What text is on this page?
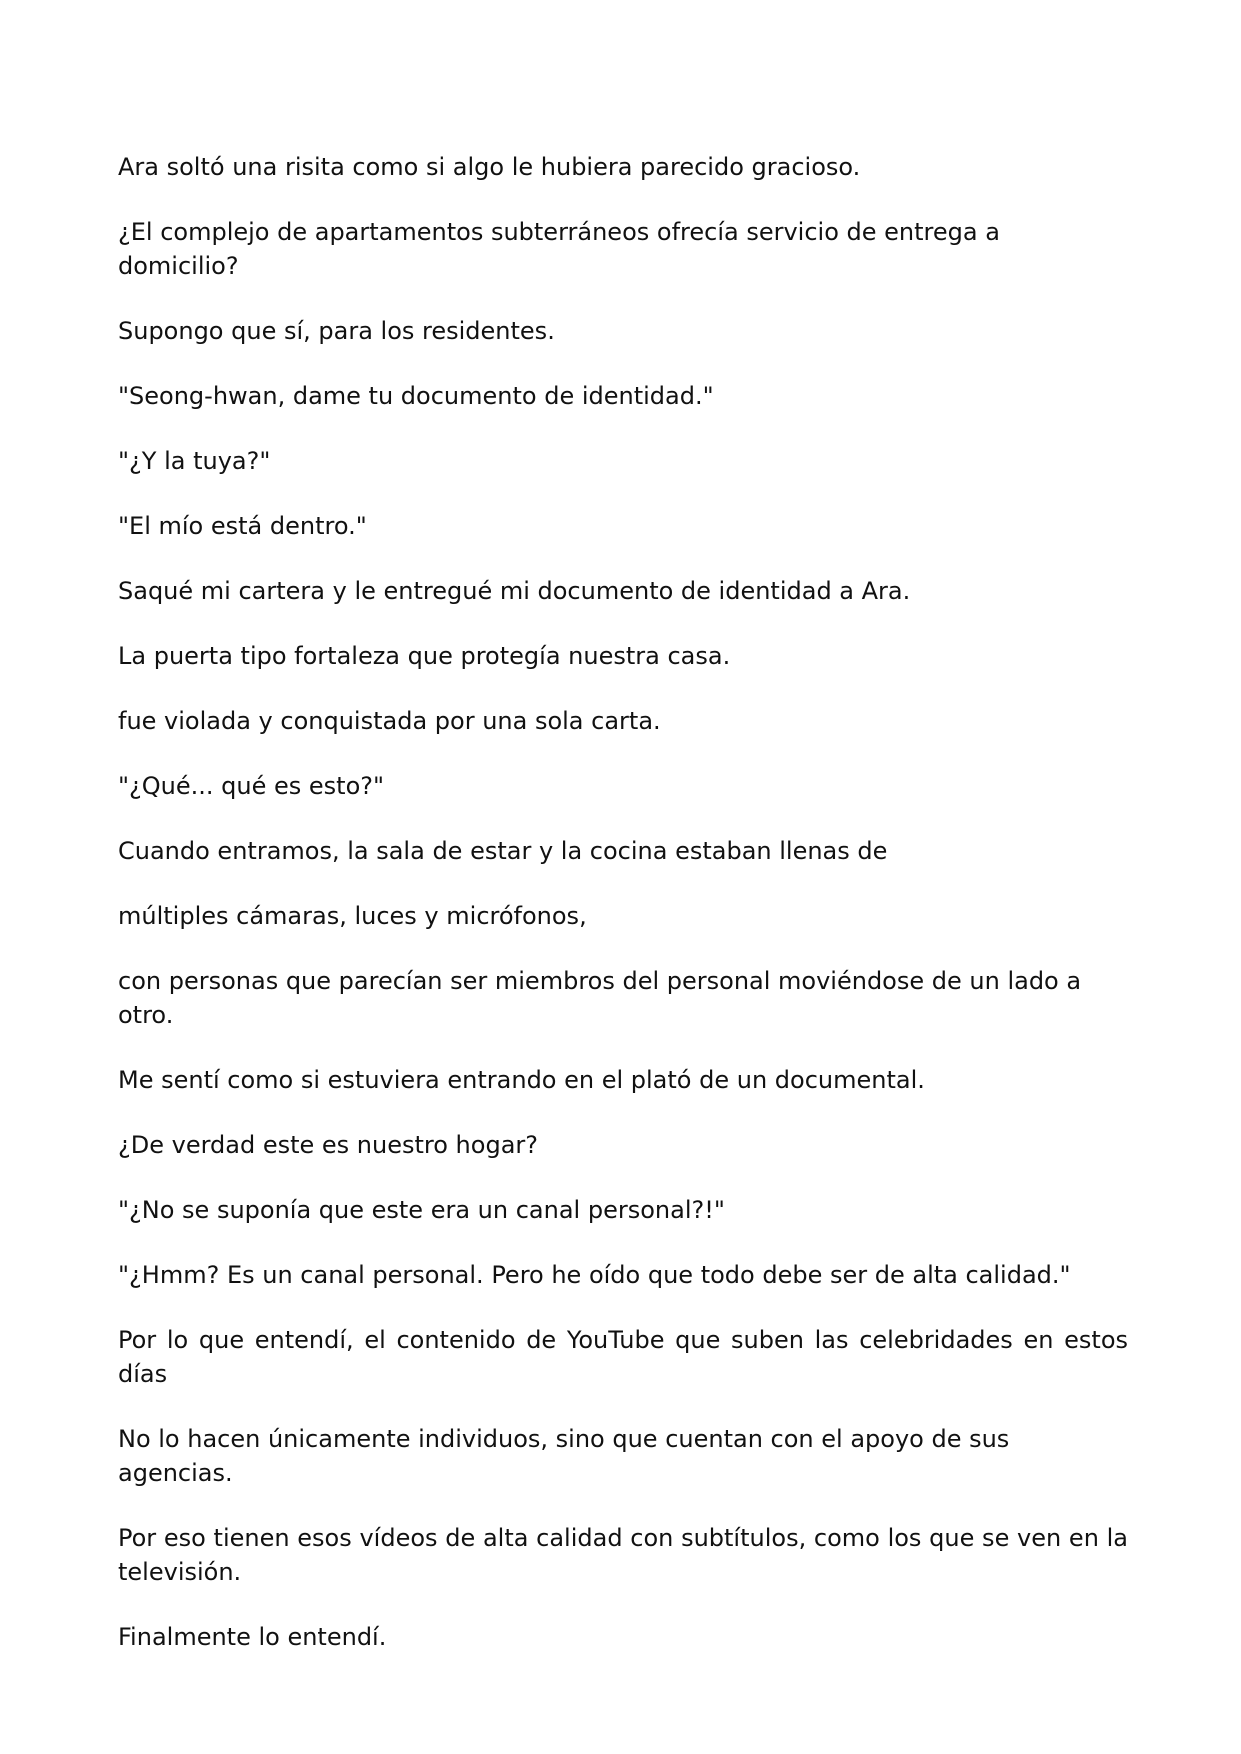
Ara soltó una risita como si algo le hubiera parecido gracioso.

¿El complejo de apartamentos subterráneos ofrecía servicio de entrega a domicilio?

Supongo que sí, para los residentes.

"Seong-hwan, dame tu documento de identidad."

"¿Y la tuya?"

"El mío está dentro."

Saqué mi cartera y le entregué mi documento de identidad a Ara.

La puerta tipo fortaleza que protegía nuestra casa.

fue violada y conquistada por una sola carta.

"¿Qué... qué es esto?"

Cuando entramos, la sala de estar y la cocina estaban llenas de

múltiples cámaras, luces y micrófonos,

con personas que parecían ser miembros del personal moviéndose de un lado a otro.

Me sentí como si estuviera entrando en el plató de un documental.

¿De verdad este es nuestro hogar?

"¿No se suponía que este era un canal personal?!"

"¿Hmm? Es un canal personal. Pero he oído que todo debe ser de alta calidad."

Por lo que entendí, el contenido de YouTube que suben las celebridades en estos días

No lo hacen únicamente individuos, sino que cuentan con el apoyo de sus agencias.

Por eso tienen esos vídeos de alta calidad con subtítulos, como los que se ven en la televisión.

Finalmente lo entendí.
